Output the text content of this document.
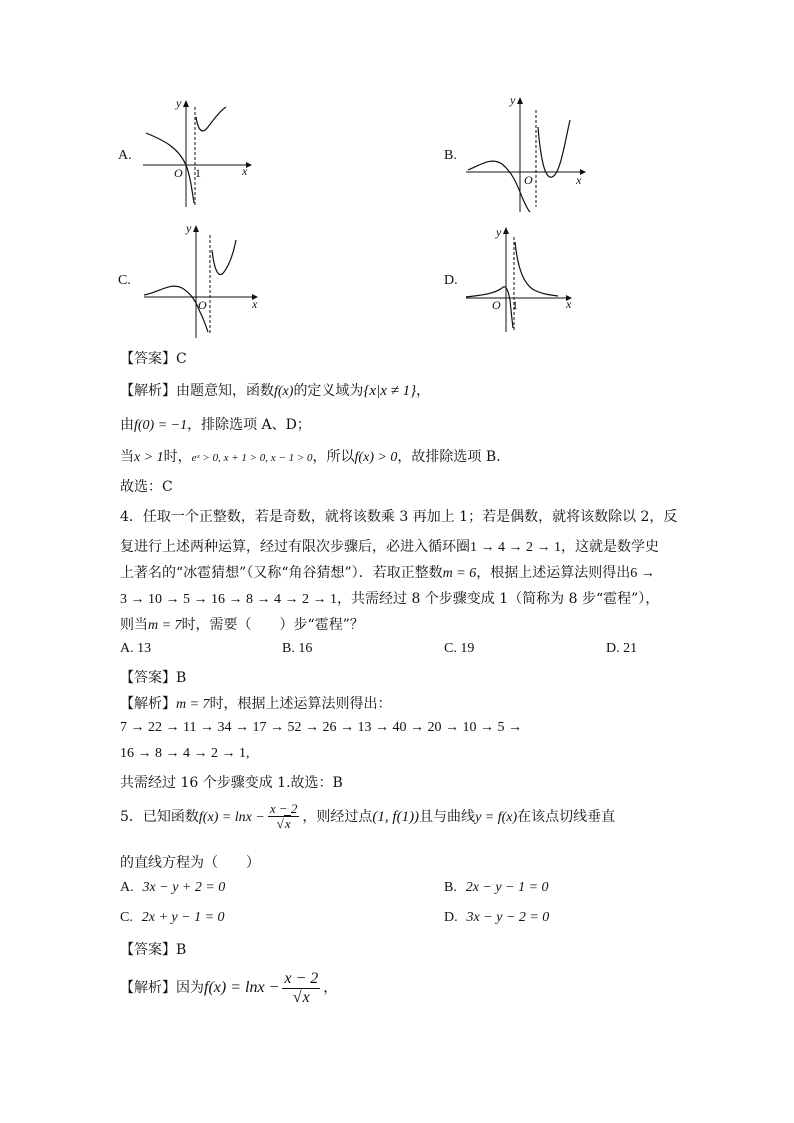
A.
y
x
O 1
B.
y
x
O
C.
y
x
O
D.
y
x
O 1
【答案】C
【解析】由题意知，函数f(x)的定义域为{x|x ≠ 1}，
由f(0) = −1，排除选项 A、D；
当x > 1时，eˣ > 0, x + 1 > 0, x − 1 > 0，所以f(x) > 0，故排除选项 B.
故选：C
4．任取一个正整数，若是奇数，就将该数乘 3 再加上 1；若是偶数，就将该数除以 2，反
复进行上述两种运算，经过有限次步骤后，必进入循环圈1 → 4 → 2 → 1，这就是数学史
上著名的“冰雹猜想”（又称“角谷猜想”）．若取正整数m = 6，根据上述运算法则得出6 →
3 → 10 → 5 → 16 → 8 → 4 → 2 → 1，共需经过 8 个步骤变成 1（简称为 8 步“雹程”），
则当m = 7时，需要（　　）步“雹程”？
A. 13	B. 16	C. 19	D. 21
【答案】B
【解析】m = 7时，根据上述运算法则得出：
7 → 22 → 11 → 34 → 17 → 52 → 26 → 13 → 40 → 20 → 10 → 5 →
16 → 8 → 4 → 2 → 1,
共需经过 16 个步骤变成 1.故选：B
5．已知函数$f(x) = \ln x - \frac{x - 2}{√x}$ ，则经过点(1, f(1))且与曲线y = f(x)在该点切线垂直
的直线方程为（　　）
A. 3x − y + 2 = 0	B. 2x − y − 1 = 0
C. 2x + y − 1 = 0	D. 3x − y − 2 = 0
【答案】B
【解析】因为$f(x) = \ln x - \frac{x - 2}{√x}$ ，
